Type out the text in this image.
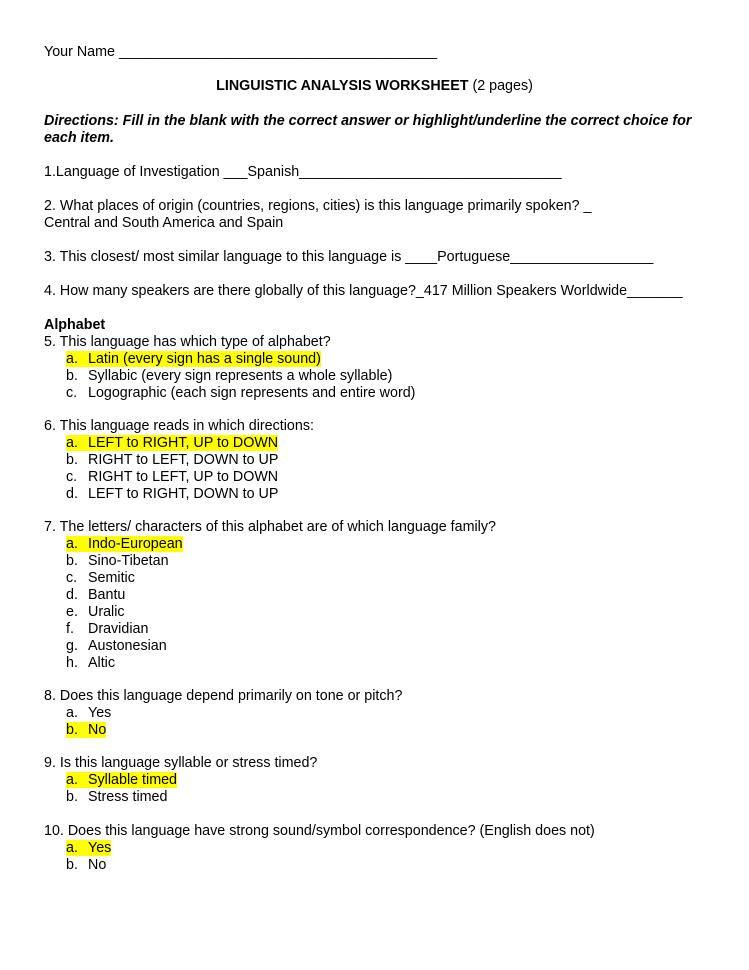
Your Name ________________________________________
LINGUISTIC ANALYSIS WORKSHEET (2 pages)
Directions: Fill in the blank with the correct answer or highlight/underline the correct choice for each item.
1.Language of Investigation ___Spanish_________________________________
2. What places of origin (countries, regions, cities) is this language primarily spoken? _
Central and South America and Spain
3. This closest/ most similar language to this language is ____Portuguese__________________
4. How many speakers are there globally of this language?_417 Million Speakers Worldwide_______
Alphabet
5. This language has which type of alphabet?
a. Latin (every sign has a single sound)
b. Syllabic (every sign represents a whole syllable)
c. Logographic (each sign represents and entire word)
6. This language reads in which directions:
a. LEFT to RIGHT, UP to DOWN
b. RIGHT to LEFT, DOWN to UP
c. RIGHT to LEFT, UP to DOWN
d. LEFT to RIGHT, DOWN to UP
7. The letters/ characters of this alphabet are of which language family?
a. Indo-European
b. Sino-Tibetan
c. Semitic
d. Bantu
e. Uralic
f. Dravidian
g. Austonesian
h. Altic
8. Does this language depend primarily on tone or pitch?
a. Yes
b. No
9. Is this language syllable or stress timed?
a. Syllable timed
b. Stress timed
10. Does this language have strong sound/symbol correspondence? (English does not)
a. Yes
b. No
